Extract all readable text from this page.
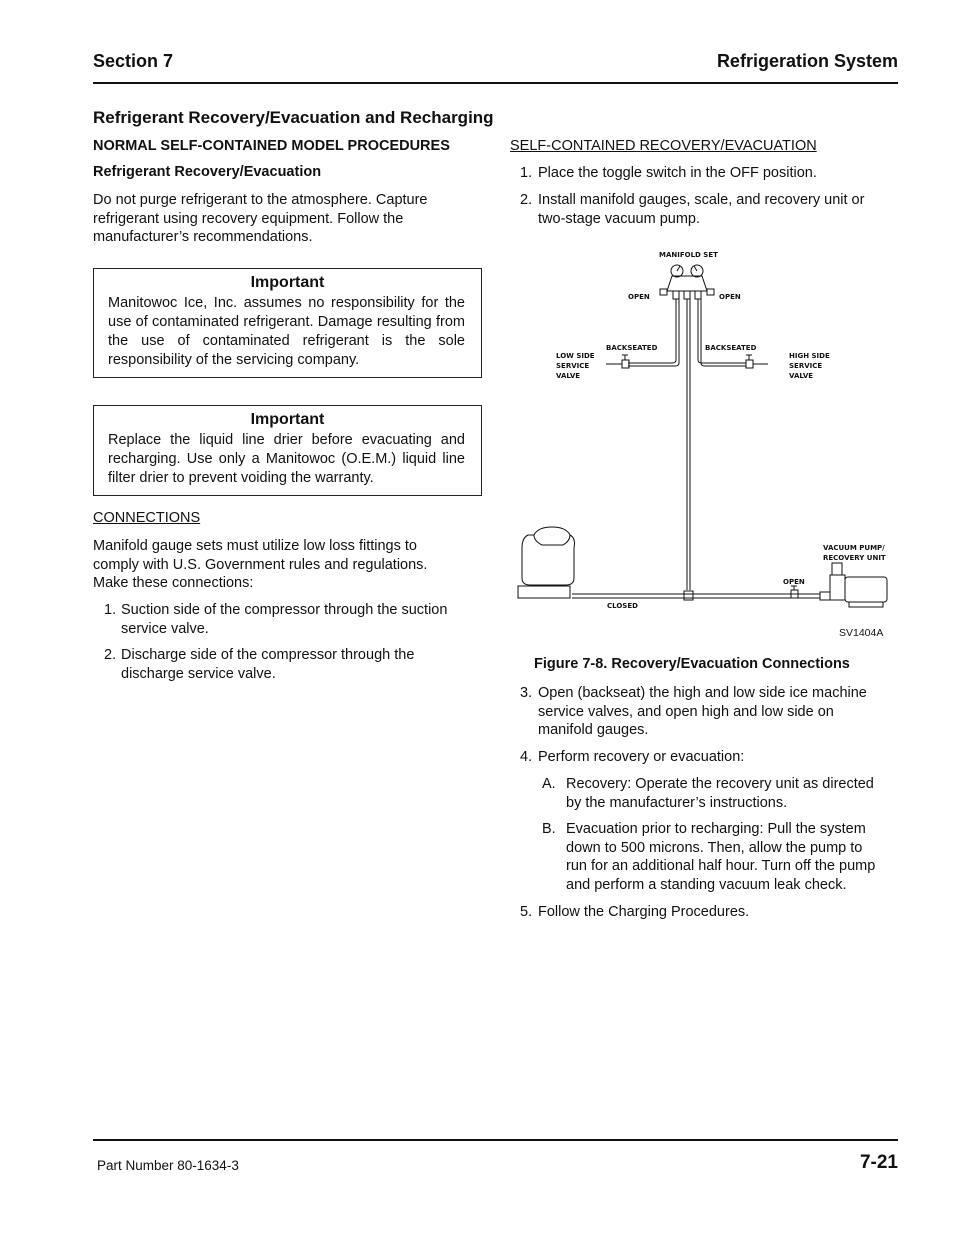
Section 7	Refrigeration System
Refrigerant Recovery/Evacuation and Recharging
NORMAL SELF-CONTAINED MODEL PROCEDURES
Refrigerant Recovery/Evacuation
Do not purge refrigerant to the atmosphere. Capture
refrigerant using recovery equipment. Follow the
manufacturer’s recommendations.
Important
Manitowoc Ice, Inc. assumes no responsibility for the use of contaminated refrigerant. Damage resulting from the use of contaminated refrigerant is the sole responsibility of the servicing company.
Important
Replace the liquid line drier before evacuating and recharging. Use only a Manitowoc (O.E.M.) liquid line filter drier to prevent voiding the warranty.
CONNECTIONS
Manifold gauge sets must utilize low loss fittings to
comply with U.S. Government rules and regulations.
Make these connections:
1. Suction side of the compressor through the suction
service valve.
2. Discharge side of the compressor through the
discharge service valve.
SELF-CONTAINED RECOVERY/EVACUATION
1. Place the toggle switch in the OFF position.
2. Install manifold gauges, scale, and recovery unit or
two-stage vacuum pump.
MANIFOLD SET
OPEN	OPEN
BACKSEATED	BACKSEATED
LOW SIDE
SERVICE
VALVE
HIGH SIDE
SERVICE
VALVE
VACUUM PUMP/
RECOVERY UNIT
OPEN
CLOSED
SV1404A
Figure 7-8. Recovery/Evacuation Connections
3. Open (backseat) the high and low side ice machine
service valves, and open high and low side on
manifold gauges.
4. Perform recovery or evacuation:
A. Recovery: Operate the recovery unit as directed
by the manufacturer’s instructions.
B. Evacuation prior to recharging: Pull the system
down to 500 microns. Then, allow the pump to
run for an additional half hour. Turn off the pump
and perform a standing vacuum leak check.
5. Follow the Charging Procedures.
Part Number 80-1634-3	7-21
